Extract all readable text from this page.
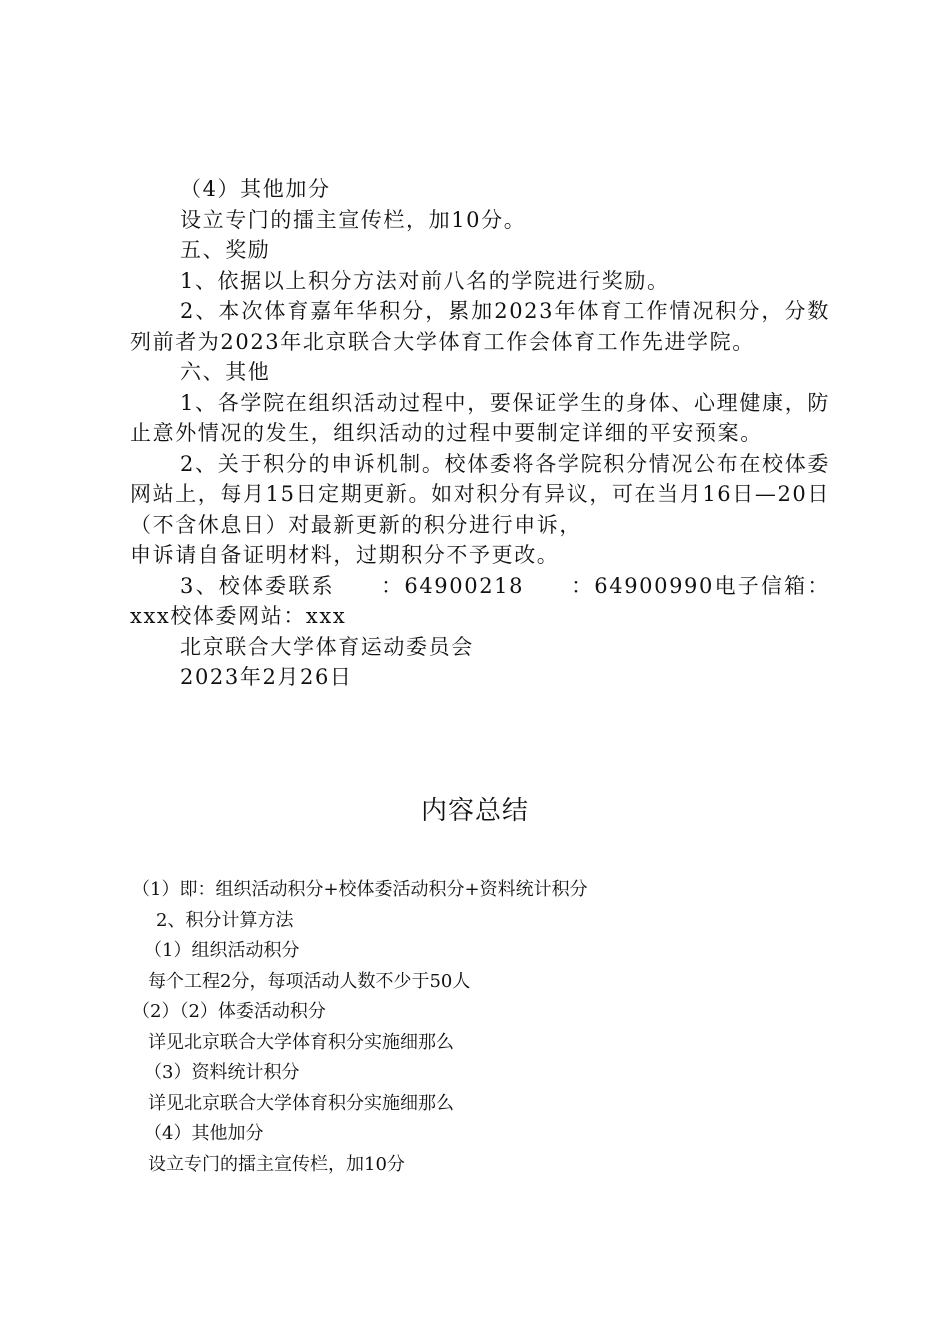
（4）其他加分

设立专门的擂主宣传栏，加10分。

五、奖励

1、依据以上积分方法对前八名的学院进行奖励。

2、本次体育嘉年华积分，累加2023年体育工作情况积分，分数列前者为2023年北京联合大学体育工作会体育工作先进学院。

六、其他

1、各学院在组织活动过程中，要保证学生的身体、心理健康，防止意外情况的发生，组织活动的过程中要制定详细的平安预案。

2、关于积分的申诉机制。校体委将各学院积分情况公布在校体委网站上，每月15日定期更新。如对积分有异议，可在当月16日—20日（不含休息日）对最新更新的积分进行申诉，

申诉请自备证明材料，过期积分不予更改。

3、校体委联系　　：64900218　　：64900990电子信箱：xxx校体委网站：xxx

北京联合大学体育运动委员会

2023年2月26日

内容总结

（1）即：组织活动积分+校体委活动积分+资料统计积分

2、积分计算方法

（1）组织活动积分

每个工程2分，每项活动人数不少于50人

（2）（2）体委活动积分

详见北京联合大学体育积分实施细那么

（3）资料统计积分

详见北京联合大学体育积分实施细那么

（4）其他加分

设立专门的擂主宣传栏，加10分
